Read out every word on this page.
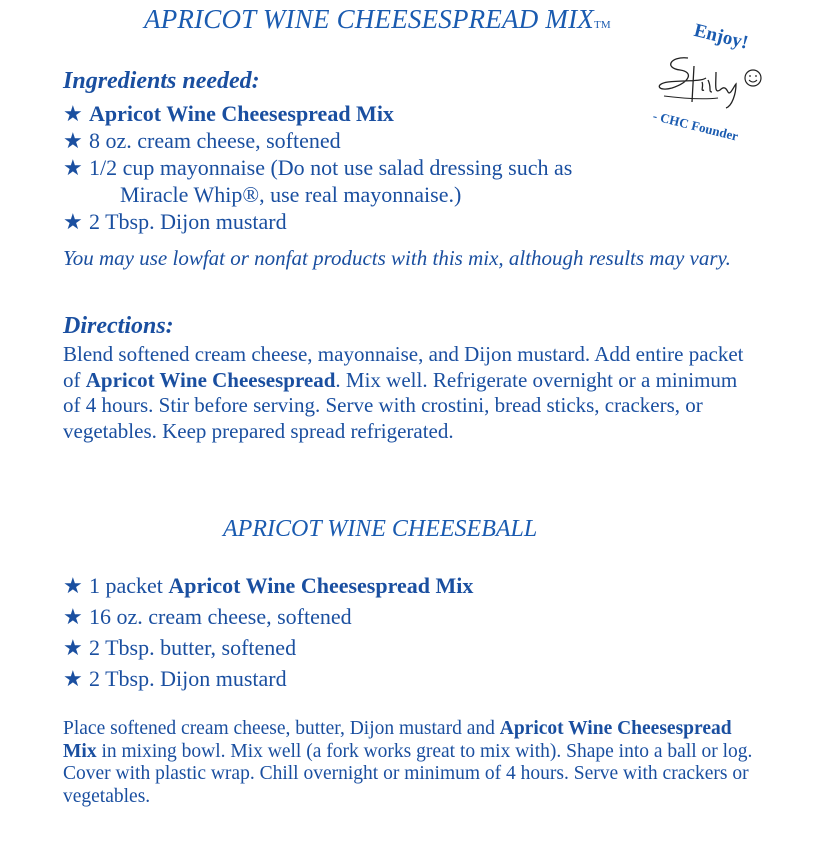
APRICOT WINE CHEESESPREAD MIXTM	Enjoy!
- CHC Founder
Ingredients needed:
★ Apricot Wine Cheesespread Mix
★ 8 oz. cream cheese, softened
★ 1/2 cup mayonnaise (Do not use salad dressing such as
Miracle Whip®, use real mayonnaise.)
★ 2 Tbsp. Dijon mustard
You may use lowfat or nonfat products with this mix, although results may vary.
Directions:
Blend softened cream cheese, mayonnaise, and Dijon mustard. Add entire packet of Apricot Wine Cheesespread. Mix well. Refrigerate overnight or a minimum of 4 hours. Stir before serving. Serve with crostini, bread sticks, crackers, or vegetables. Keep prepared spread refrigerated.
APRICOT WINE CHEESEBALL
★ 1 packet Apricot Wine Cheesespread Mix
★ 16 oz. cream cheese, softened
★ 2 Tbsp. butter, softened
★ 2 Tbsp. Dijon mustard
Place softened cream cheese, butter, Dijon mustard and Apricot Wine Cheesespread Mix in mixing bowl. Mix well (a fork works great to mix with). Shape into a ball or log. Cover with plastic wrap. Chill overnight or minimum of 4 hours. Serve with crackers or vegetables.
